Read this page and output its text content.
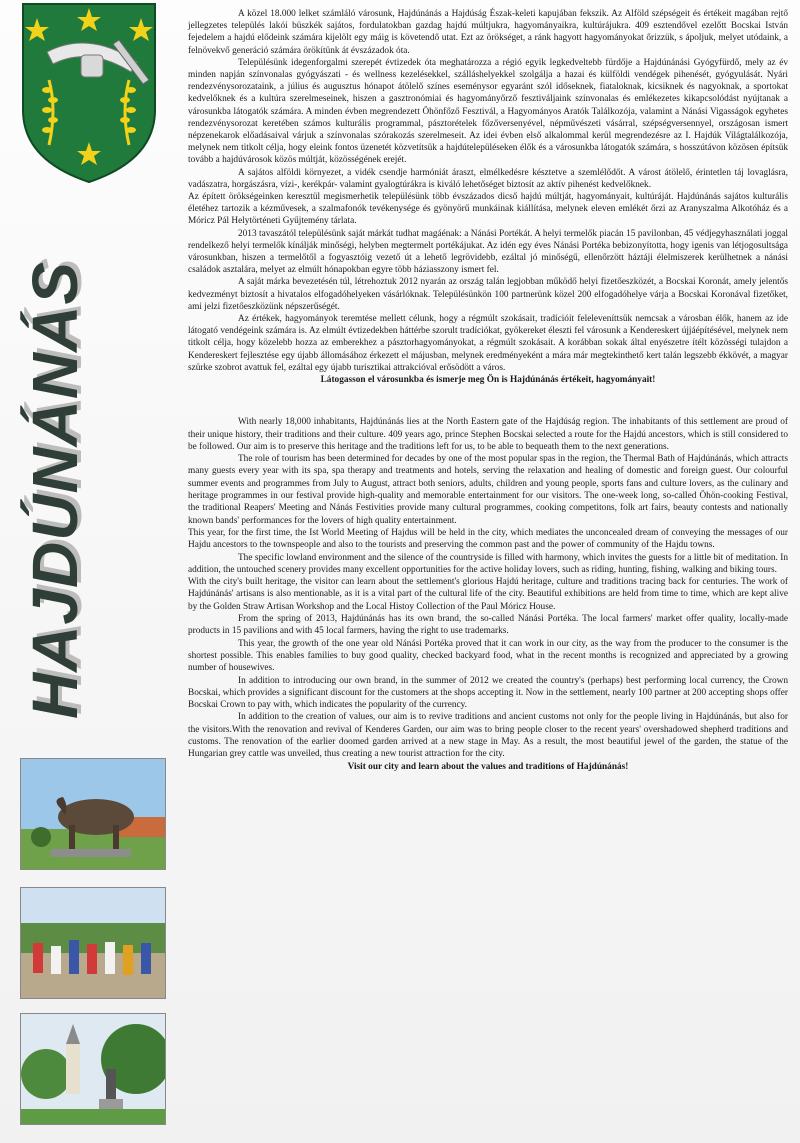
HAJDÚNÁNÁS

A közel 18.000 lelket számláló városunk, Hajdúnánás a Hajdúság Észak-keleti kapujában fekszik. Az Alföld szépségeit és értékeit magában rejtő jellegzetes település lakói büszkék sajátos, fordulatokban gazdag hajdú múltjukra, hagyományaikra, kultúrájukra. 409 esztendővel ezelőtt Bocskai István fejedelem a hajdú elődeink számára kijelölt egy máig is követendő utat. Ezt az örökséget, a ránk hagyott hagyományokat őrizzük, s ápoljuk, melyet utódaink, a felnövekvő generáció számára örökítünk át évszázadok óta.

Településünk idegenforgalmi szerepét évtizedek óta meghatározza a régió egyik legkedveltebb fürdője a Hajdúnánási Gyógyfürdő, mely az év minden napján színvonalas gyógyászati - és wellness kezelésekkel, szálláshelyekkel szolgálja a hazai és külföldi vendégek pihenését, gyógyulását. Nyári rendezvénysorozataink, a július és augusztus hónapot átölelő színes eseménysor egyaránt szól időseknek, fiataloknak, kicsiknek és nagyoknak, a sportokat kedvelőknek és a kultúra szerelmeseinek, hiszen a gasztronómiai és hagyományőrző fesztiváljaink színvonalas és emlékezetes kikapcsolódást nyújtanak a városunkba látogatók számára. A minden évben megrendezett Öhönfőző Fesztivál, a Hagyományos Aratók Találkozója, valamint a Nánási Vigasságok egyhetes rendezvénysorozat keretében számos kulturális programmal, pásztorételek főzőversenyével, népművészeti vásárral, szépségversennyel, országosan ismert népzenekarok előadásaival várjuk a színvonalas szórakozás szerelmeseit. Az idei évben első alkalommal kerül megrendezésre az I. Hajdúk Világtalálkozója, melynek nem titkolt célja, hogy eleink fontos üzenetét közvetítsük a hajdútelepüléseken élők és a városunkba látogatók számára, s hosszútávon közösen építsük tovább a hajdúvárosok közös múltját, közösségének erejét.

A sajátos alföldi környezet, a vidék csendje harmóniát áraszt, elmélkedésre késztetve a szemlélődőt. A várost átölelő, érintetlen táj lovaglásra, vadászatra, horgászásra, vízi-, kerékpár- valamint gyalogtúrákra is kiváló lehetőséget biztosít az aktív pihenést kedvelőknek.

Az épített örökségeinken keresztül megismerhetik településünk több évszázados dicső hajdú múltját, hagyományait, kultúráját. Hajdúnánás sajátos kulturális életéhez tartozik a kézművesek, a szalmafonók tevékenysége és gyönyörű munkáinak kiállítása, melynek eleven emlékét őrzi az Aranyszalma Alkotóház és a Móricz Pál Helytörténeti Gyűjtemény tárlata.

2013 tavaszától településünk saját márkát tudhat magáénak: a Nánási Portékát. A helyi termelők piacán 15 pavilonban, 45 védjegyhasználati joggal rendelkező helyi termelők kínálják minőségi, helyben megtermelt portékájukat. Az idén egy éves Nánási Portéka bebizonyította, hogy igenis van létjogosultsága városunkban, hiszen a termelőtől a fogyasztóig vezető út a lehető legrövidebb, ezáltal jó minőségű, ellenőrzött háztáji élelmiszerek kerülhetnek a nánási családok asztalára, melyet az elmúlt hónapokban egyre több háziasszony ismert fel.

A saját márka bevezetésén túl, létrehoztuk 2012 nyarán az ország talán legjobban működő helyi fizetőeszközét, a Bocskai Koronát, amely jelentős kedvezményt biztosít a hivatalos elfogadóhelyeken vásárlóknak. Településünkön 100 partnerünk közel 200 elfogadóhelye várja a Bocskai Koronával fizetőket, ami jelzi fizetőeszközünk népszerűségét.

Az értékek, hagyományok teremtése mellett célunk, hogy a régmúlt szokásait, tradícióit feleleveníttsük nemcsak a városban élők, hanem az ide látogató vendégeink számára is. Az elmúlt évtizedekben háttérbe szorult tradíciókat, gyökereket éleszti fel városunk a Kendereskert újjáépítésével, melynek nem titkolt célja, hogy közelebb hozza az emberekhez a pásztorhagyományokat, a régmúlt szokásait. A korábban sokak által enyészetre ítélt közösségi tulajdon a Kendereskert fejlesztése egy újabb állomásához érkezett el májusban, melynek eredményeként a mára már megtekinthető kert talán legszebb ékkövét, a magyar szürke szobrot avattuk fel, ezáltal egy újabb turisztikai attrakcióval erősödött a város.

Látogasson el városunkba és ismerje meg Ön is Hajdúnánás értékeit, hagyományait!

With nearly 18,000 inhabitants, Hajdúnánás lies at the North Eastern gate of the Hajdúság region. The inhabitants of this settlement are proud of their unique history, their traditions and their culture. 409 years ago, prince Stephen Bocskai selected a route for the Hajdú ancestors, which is still considered to be followed. Our aim is to preserve this heritage and the traditions left for us, to be able to bequeath them to the next generations.

The role of tourism has been determined for decades by one of the most popular spas in the region, the Thermal Bath of Hajdúnánás, which attracts many guests every year with its spa, spa therapy and treatments and hotels, serving the relaxation and healing of domestic and foreign guest. Our colourful summer events and programmes from July to August, attract both seniors, adults, children and young people, sports fans and culture lovers, as the culinary and heritage programmes in our festival provide high-quality and memorable entertainment for our visitors. The one-week long, so-called Öhön-cooking Festival, the traditional Reapers' Meeting and Nánás Festivities provide many cultural programmes, cooking competitons, folk art fairs, beauty contests and nationally known bands' performances for the lovers of high quality entertainment.

This year, for the first time, the Ist World Meeting of Hajdus will be held in the city, which mediates the unconcealed dream of conveying the messages of our Hajdu ancestors to the townspeople and also to the tourists and preserving the common past and the power of community of the Hajdu towns.

The specific lowland environment and the silence of the countryside is filled with harmony, which invites the guests for a little bit of meditation. In addition, the untouched scenery provides many excellent opportunities for the active holiday lovers, such as riding, hunting, fishing, walking and biking tours.

With the city's built heritage, the visitor can learn about the settlement's glorious Hajdú heritage, culture and traditions tracing back for centuries. The work of Hajdúnánás' artisans is also mentionable, as it is a vital part of the cultural life of the city. Beautiful exhibitions are held from time to time, which are kept alive by the Golden Straw Artisan Workshop and the Local Histoy Collection of the Paul Móricz House.

From the spring of 2013, Hajdúnánás has its own brand, the so-called Nánási Portéka. The local farmers' market offer quality, locally-made products in 15 pavilions and with 45 local farmers, having the right to use trademarks.

This year, the growth of the one year old Nánási Portéka proved that it can work in our city, as the way from the producer to the consumer is the shortest possible. This enables families to buy good quality, checked backyard food, what in the recent months is recognized and appreciated by a growing number of housewives.

In addition to introducing our own brand, in the summer of 2012 we created the country's (perhaps) best performing local currency, the Crown Bocskai, which provides a significant discount for the customers at the shops accepting it. Now in the settlement, nearly 100 partner at 200 accepting shops offer Bocskai Crown to pay with, which indicates the popularity of the currency.

In addition to the creation of values, our aim is to revive traditions and ancient customs not only for the people living in Hajdúnánás, but also for the visitors.With the renovation and revival of Kenderes Garden, our aim was to bring people closer to the recent years' overshadowed shepherd traditions and customs. The renovation of the earlier doomed garden arrived at a new stage in May. As a result, the most beautiful jewel of the garden, the statue of the Hungarian grey cattle was unveiled, thus creating a new tourist attraction for the city.

Visit our city and learn about the values and traditions of Hajdúnánás!
